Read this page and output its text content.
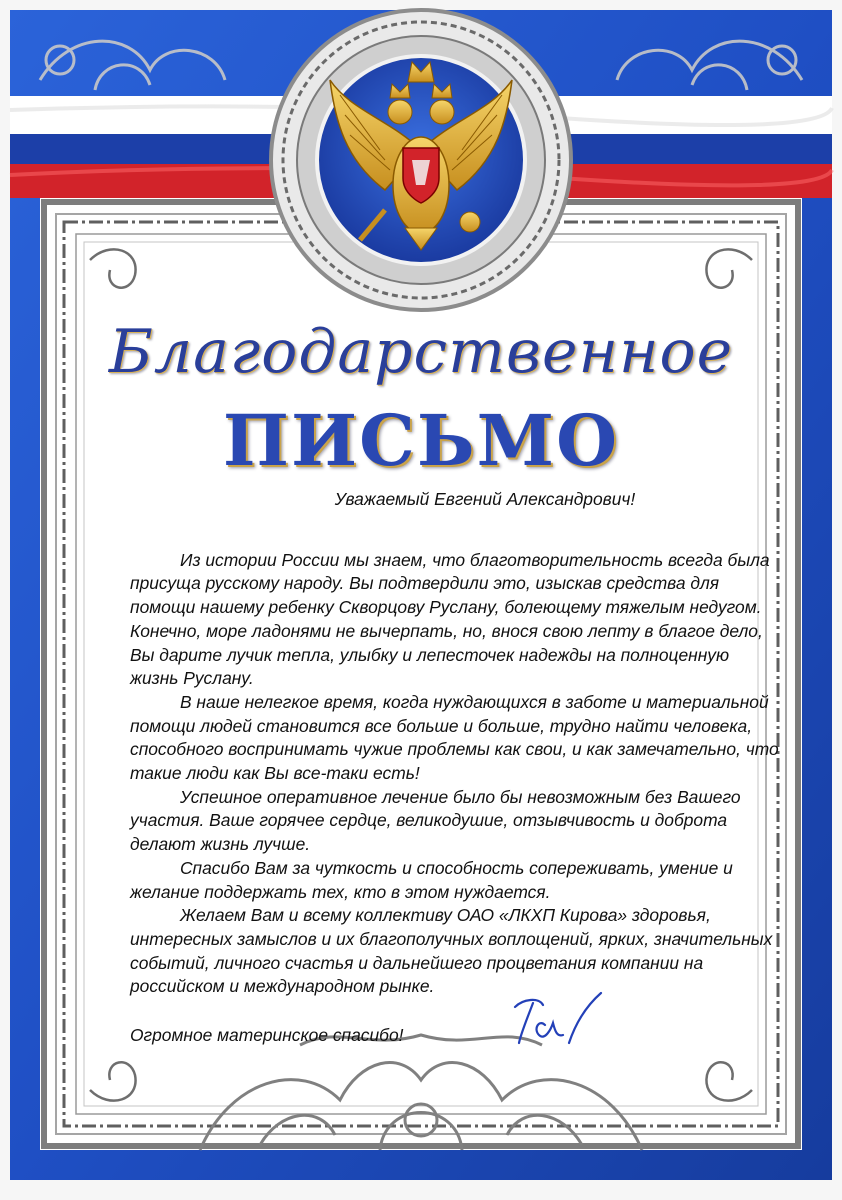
Благодарственное
ПИСЬМО

Уважаемый Евгений Александрович!

Из истории России мы знаем, что благотворительность всегда была присуща русскому народу. Вы подтвердили это, изыскав средства для помощи нашему ребенку Скворцову Руслану, болеющему тяжелым недугом. Конечно, море ладонями не вычерпать, но, внося свою лепту в благое дело, Вы дарите лучик тепла, улыбку и лепесточек надежды на полноценную жизнь Руслану.

В наше нелегкое время, когда нуждающихся в заботе и материальной помощи людей становится все больше и больше, трудно найти человека, способного воспринимать чужие проблемы как свои, и как замечательно, что такие люди как Вы все-таки есть!

Успешное оперативное лечение было бы невозможным без Вашего участия. Ваше горячее сердце, великодушие, отзывчивость и доброта делают жизнь лучше.

Спасибо Вам за чуткость и способность сопереживать, умение и желание поддержать тех, кто в этом нуждается.

Желаем Вам и всему коллективу ОАО «ЛКХП Кирова» здоровья, интересных замыслов и их благополучных воплощений, ярких, значительных событий, личного счастья и дальнейшего процветания компании на российском и международном рынке.

Огромное материнское спасибо!
